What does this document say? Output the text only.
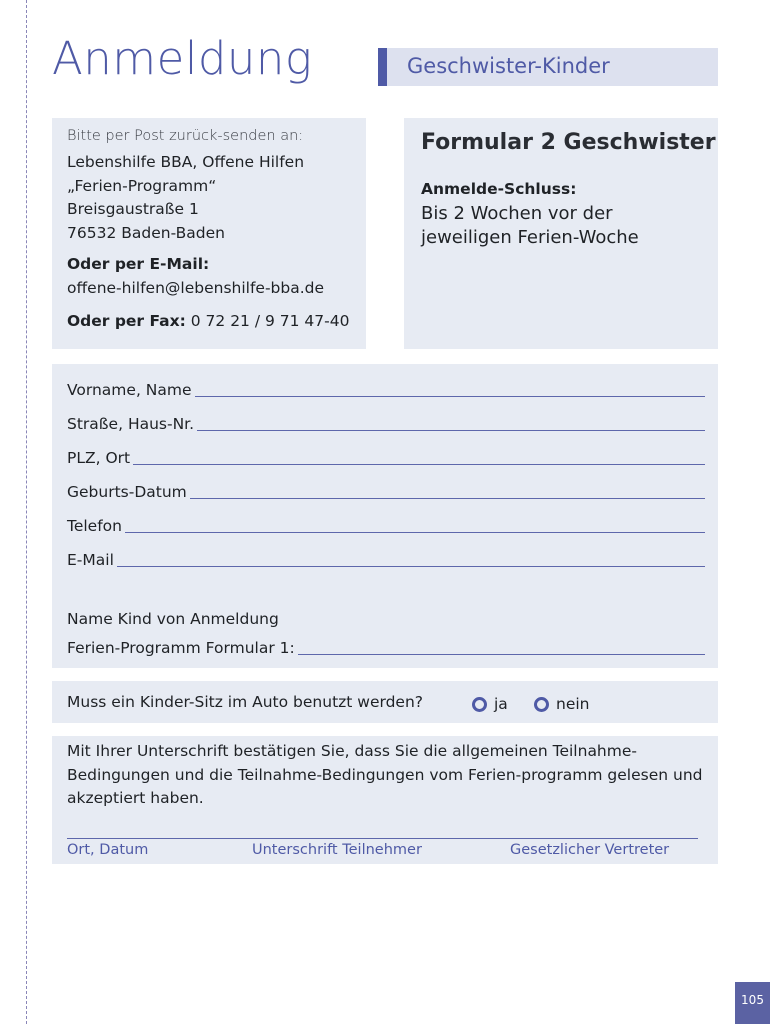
Anmeldung	Geschwister-Kinder
Bitte per Post zurück-senden an:
Lebenshilfe BBA, Offene Hilfen
„Ferien-Programm“
Breisgaustraße 1
76532 Baden-Baden
Oder per E-Mail:
offene-hilfen@lebenshilfe-bba.de
Oder per Fax: 0 72 21 / 9 71 47-40
Formular 2 Geschwister
Anmelde-Schluss:
Bis 2 Wochen vor der
jeweiligen Ferien-Woche
Vorname, Name
Straße, Haus-Nr.
PLZ, Ort
Geburts-Datum
Telefon
E-Mail
Name Kind von Anmeldung
Ferien-Programm Formular 1:
Muss ein Kinder-Sitz im Auto benutzt werden?	ja	nein
Mit Ihrer Unterschrift bestätigen Sie, dass Sie die allgemeinen Teilnahme-Bedingungen und die Teilnahme-Bedingungen vom Ferien-programm gelesen und akzeptiert haben.
Ort, Datum	Unterschrift Teilnehmer	Gesetzlicher Vertreter
105
